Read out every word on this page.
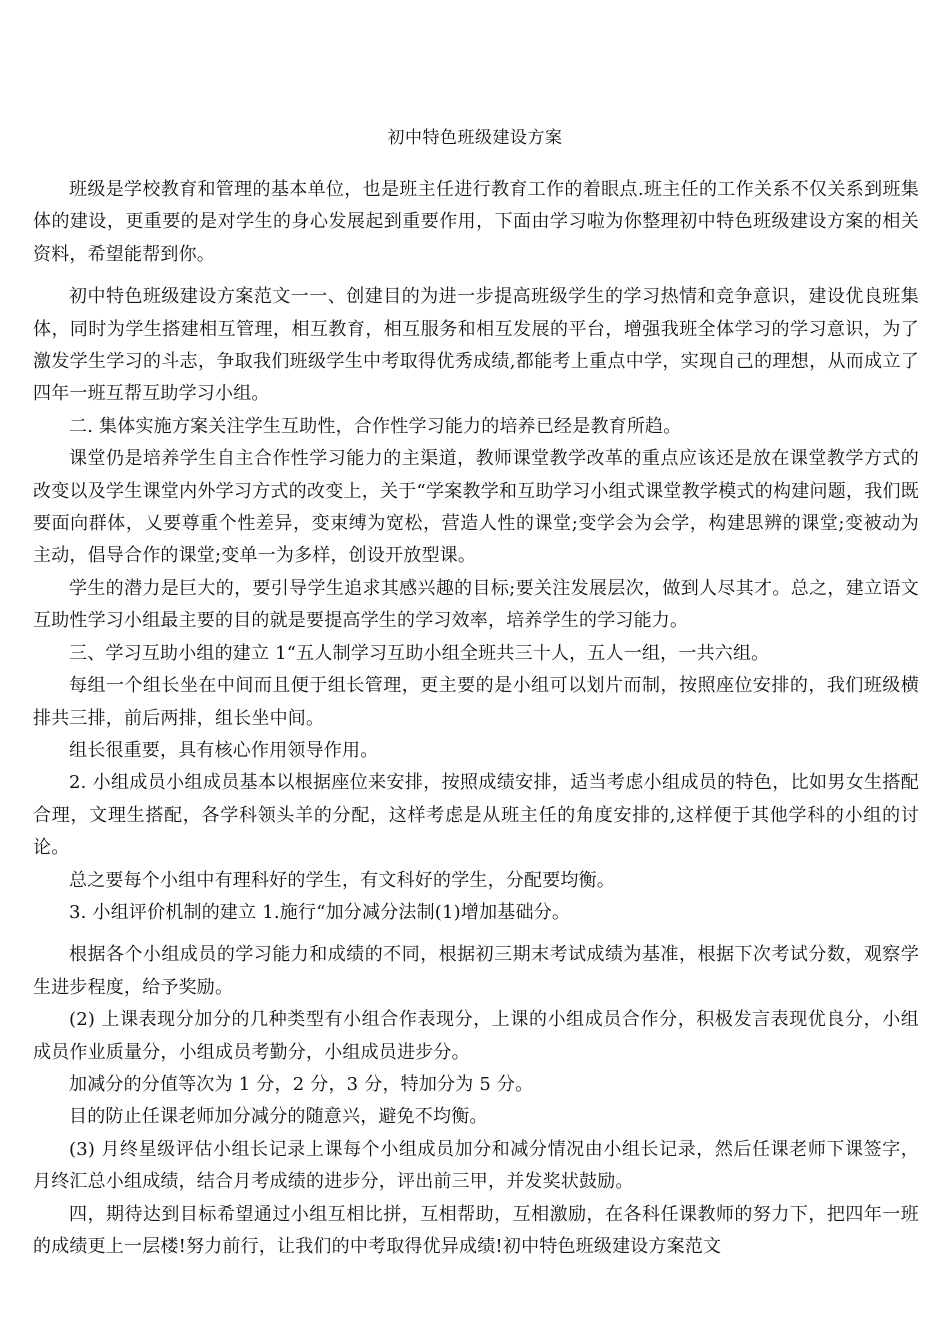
初中特色班级建设方案

班级是学校教育和管理的基本单位，也是班主任进行教育工作的着眼点.班主任的工作关系不仅关系到班集体的建设，更重要的是对学生的身心发展起到重要作用，下面由学习啦为你整理初中特色班级建设方案的相关资料，希望能帮到你。

初中特色班级建设方案范文一一、创建目的为进一步提高班级学生的学习热情和竞争意识，建设优良班集体，同时为学生搭建相互管理，相互教育，相互服务和相互发展的平台，增强我班全体学习的学习意识，为了激发学生学习的斗志，争取我们班级学生中考取得优秀成绩,都能考上重点中学，实现自己的理想，从而成立了四年一班互帮互助学习小组。

二. 集体实施方案关注学生互助性，合作性学习能力的培养已经是教育所趋。

课堂仍是培养学生自主合作性学习能力的主渠道，教师课堂教学改革的重点应该还是放在课堂教学方式的改变以及学生课堂内外学习方式的改变上，关于“学案教学和互助学习小组式课堂教学模式的构建问题，我们既要面向群体，乂要尊重个性差异，变束缚为宽松，营造人性的课堂;变学会为会学，构建思辨的课堂;变被动为主动，倡导合作的课堂;变单一为多样，创设开放型课。

学生的潜力是巨大的，要引导学生追求其感兴趣的目标;要关注发展层次，做到人尽其才。总之，建立语文互助性学习小组最主要的目的就是要提高学生的学习效率，培养学生的学习能力。

三、学习互助小组的建立 1“五人制学习互助小组全班共三十人，五人一组，一共六组。

每组一个组长坐在中间而且便于组长管理，更主要的是小组可以划片而制，按照座位安排的，我们班级横排共三排，前后两排，组长坐中间。

组长很重要，具有核心作用领导作用。

2. 小组成员小组成员基本以根据座位来安排，按照成绩安排，适当考虑小组成员的特色，比如男女生搭配合理，文理生搭配，各学科领头羊的分配，这样考虑是从班主任的角度安排的,这样便于其他学科的小组的讨论。

总之要每个小组中有理科好的学生，有文科好的学生，分配要均衡。

3. 小组评价机制的建立 1.施行“加分减分法制(1)增加基础分。

根据各个小组成员的学习能力和成绩的不同，根据初三期末考试成绩为基准，根据下次考试分数，观察学生进步程度，给予奖励。

(2) 上课表现分加分的几种类型有小组合作表现分，上课的小组成员合作分，积极发言表现优良分，小组成员作业质量分，小组成员考勤分，小组成员进步分。

加减分的分值等次为 1 分，2 分，3 分，特加分为 5 分。

目的防止任课老师加分减分的随意兴，避免不均衡。

(3) 月终星级评估小组长记录上课每个小组成员加分和减分情况由小组长记录，然后任课老师下课签字，月终汇总小组成绩，结合月考成绩的进步分，评出前三甲，并发奖状鼓励。

四，期待达到目标希望通过小组互相比拼，互相帮助，互相激励，在各科任课教师的努力下，把四年一班的成绩更上一层楼!努力前行，让我们的中考取得优异成绩!初中特色班级建设方案范文
